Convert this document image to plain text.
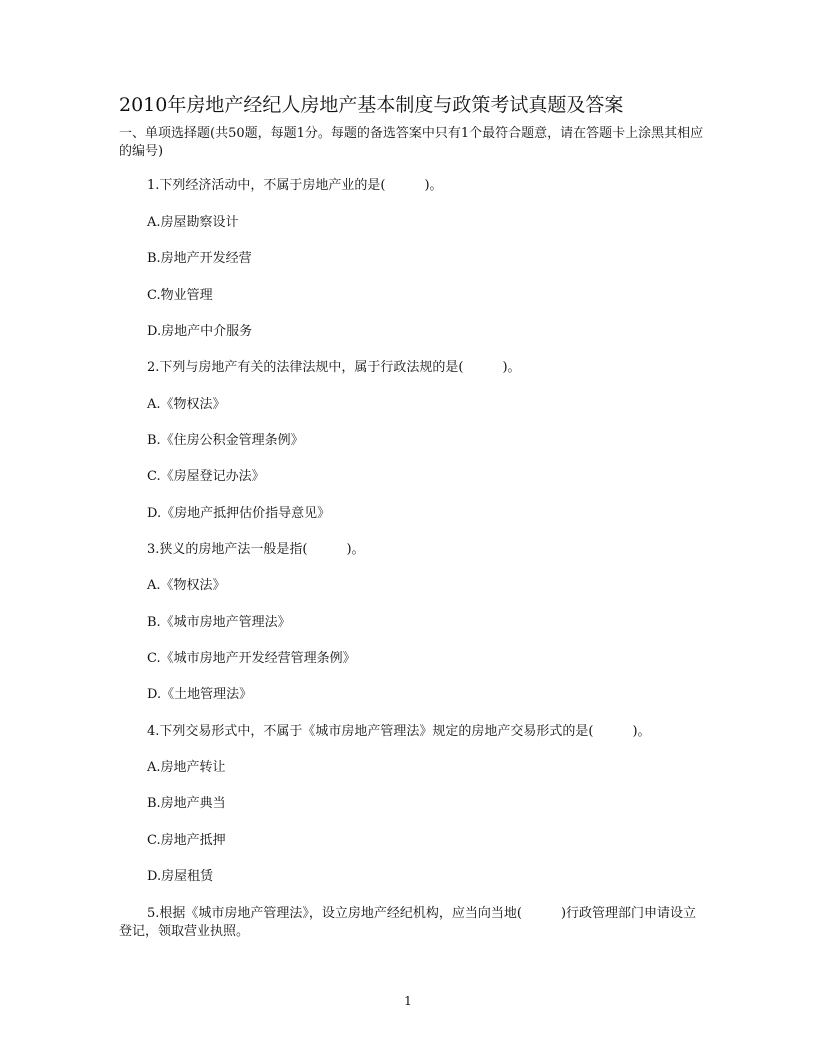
2010年房地产经纪人房地产基本制度与政策考试真题及答案
一、单项选择题(共50题，每题1分。每题的备选答案中只有1个最符合题意，请在答题卡上涂黑其相应的编号)
1.下列经济活动中，不属于房地产业的是(　　　)。
A.房屋勘察设计
B.房地产开发经营
C.物业管理
D.房地产中介服务
2.下列与房地产有关的法律法规中，属于行政法规的是(　　　)。
A.《物权法》
B.《住房公积金管理条例》
C.《房屋登记办法》
D.《房地产抵押估价指导意见》
3.狭义的房地产法一般是指(　　　)。
A.《物权法》
B.《城市房地产管理法》
C.《城市房地产开发经营管理条例》
D.《土地管理法》
4.下列交易形式中，不属于《城市房地产管理法》规定的房地产交易形式的是(　　　)。
A.房地产转让
B.房地产典当
C.房地产抵押
D.房屋租赁
5.根据《城市房地产管理法》，设立房地产经纪机构，应当向当地(　　　)行政管理部门申请设立登记，领取营业执照。
1
